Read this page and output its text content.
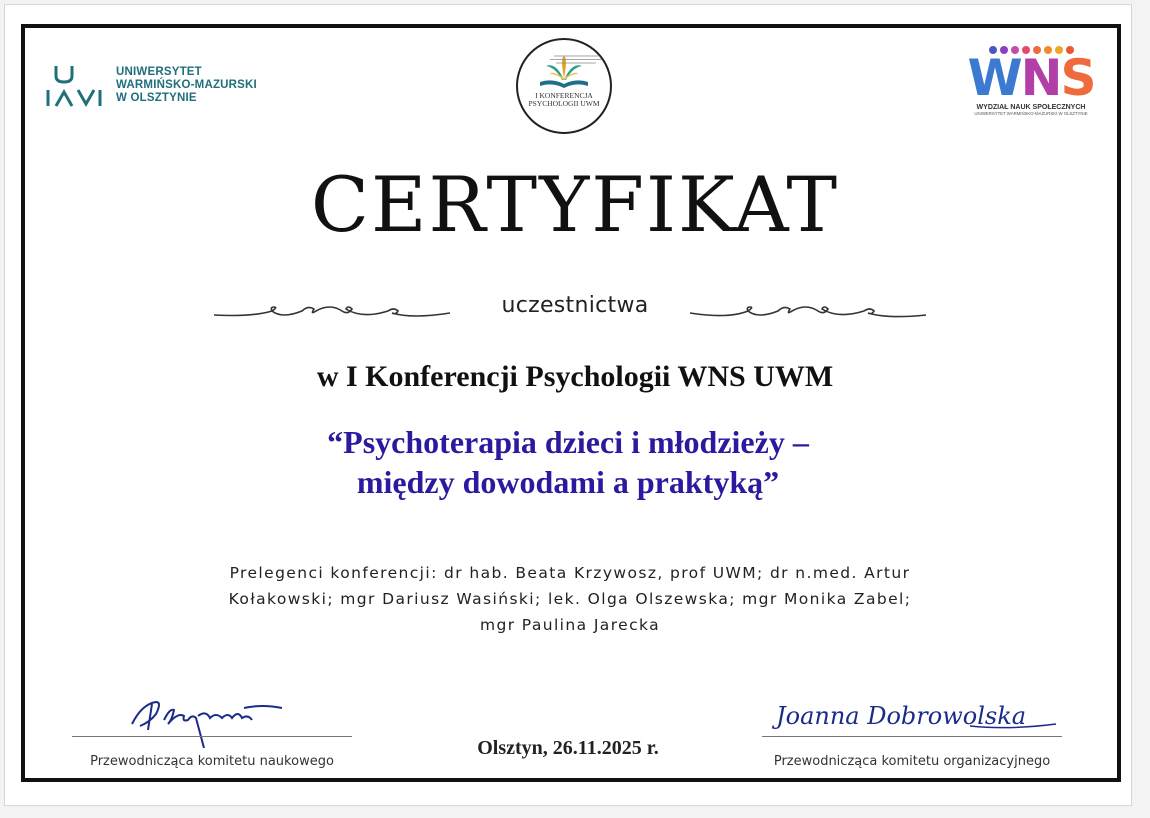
UNIWERSYTET
WARMIŃSKO-MAZURSKI
W OLSZTYNIE	I KONFERENCJA
PSYCHOLOGII UWM	WNS
WYDZIAŁ NAUK SPOŁECZNYCH
UNIWERSYTET WARMIŃSKO-MAZURSKI W OLSZTYNIE
CERTYFIKAT
uczestnictwa
w I Konferencji Psychologii WNS UWM
“Psychoterapia dzieci i młodzieży –
między dowodami a praktyką”
Prelegenci konferencji: dr hab. Beata Krzywosz, prof UWM; dr n.med. Artur
Kołakowski; mgr Dariusz Wasiński; lek. Olga Olszewska; mgr Monika Zabel;
mgr Paulina Jarecka
Przewodnicząca komitetu naukowego
Olsztyn, 26.11.2025 r.
Joanna Dobrowolska
Przewodnicząca komitetu organizacyjnego
